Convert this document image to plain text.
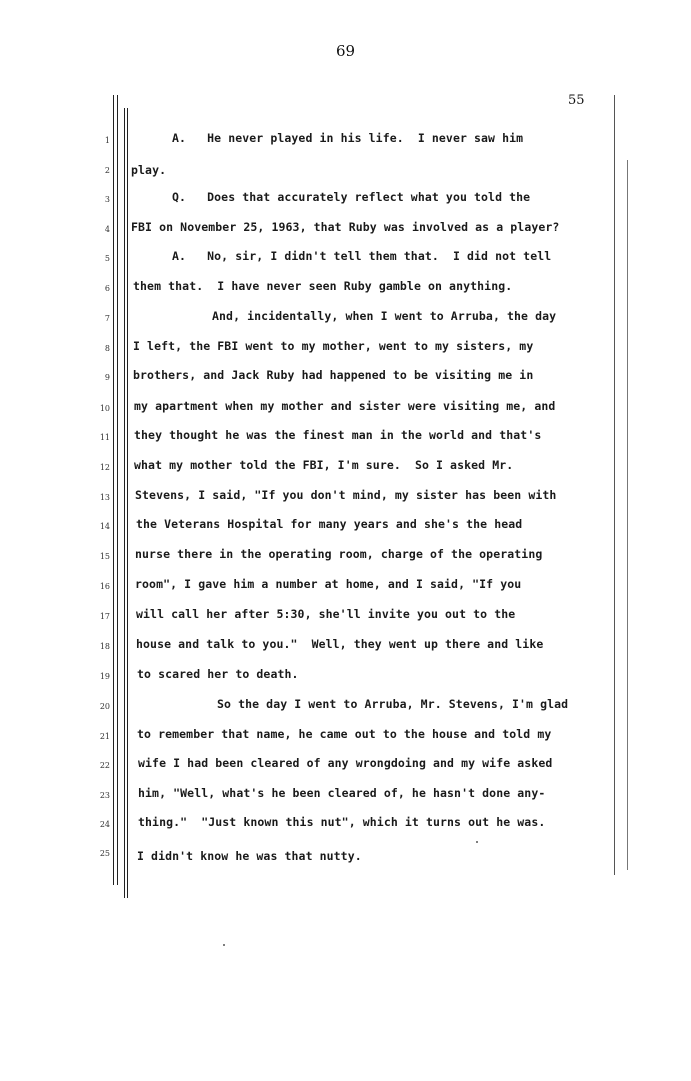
69
55
1
2
3
4
5
6
7
8
9
10
11
12
13
14
15
16
17
18
19
20
21
22
23
24
25
A.   He never played in his life.  I never saw him
play.
Q.   Does that accurately reflect what you told the
FBI on November 25, 1963, that Ruby was involved as a player?
A.   No, sir, I didn't tell them that.  I did not tell
them that.  I have never seen Ruby gamble on anything.
And, incidentally, when I went to Arruba, the day
I left, the FBI went to my mother, went to my sisters, my
brothers, and Jack Ruby had happened to be visiting me in
my apartment when my mother and sister were visiting me, and
they thought he was the finest man in the world and that's
what my mother told the FBI, I'm sure.  So I asked Mr.
Stevens, I said, "If you don't mind, my sister has been with
the Veterans Hospital for many years and she's the head
nurse there in the operating room, charge of the operating
room", I gave him a number at home, and I said, "If you
will call her after 5:30, she'll invite you out to the
house and talk to you."  Well, they went up there and like
to scared her to death.
So the day I went to Arruba, Mr. Stevens, I'm glad
to remember that name, he came out to the house and told my
wife I had been cleared of any wrongdoing and my wife asked
him, "Well, what's he been cleared of, he hasn't done any-
thing."  "Just known this nut", which it turns out he was.
I didn't know he was that nutty.
